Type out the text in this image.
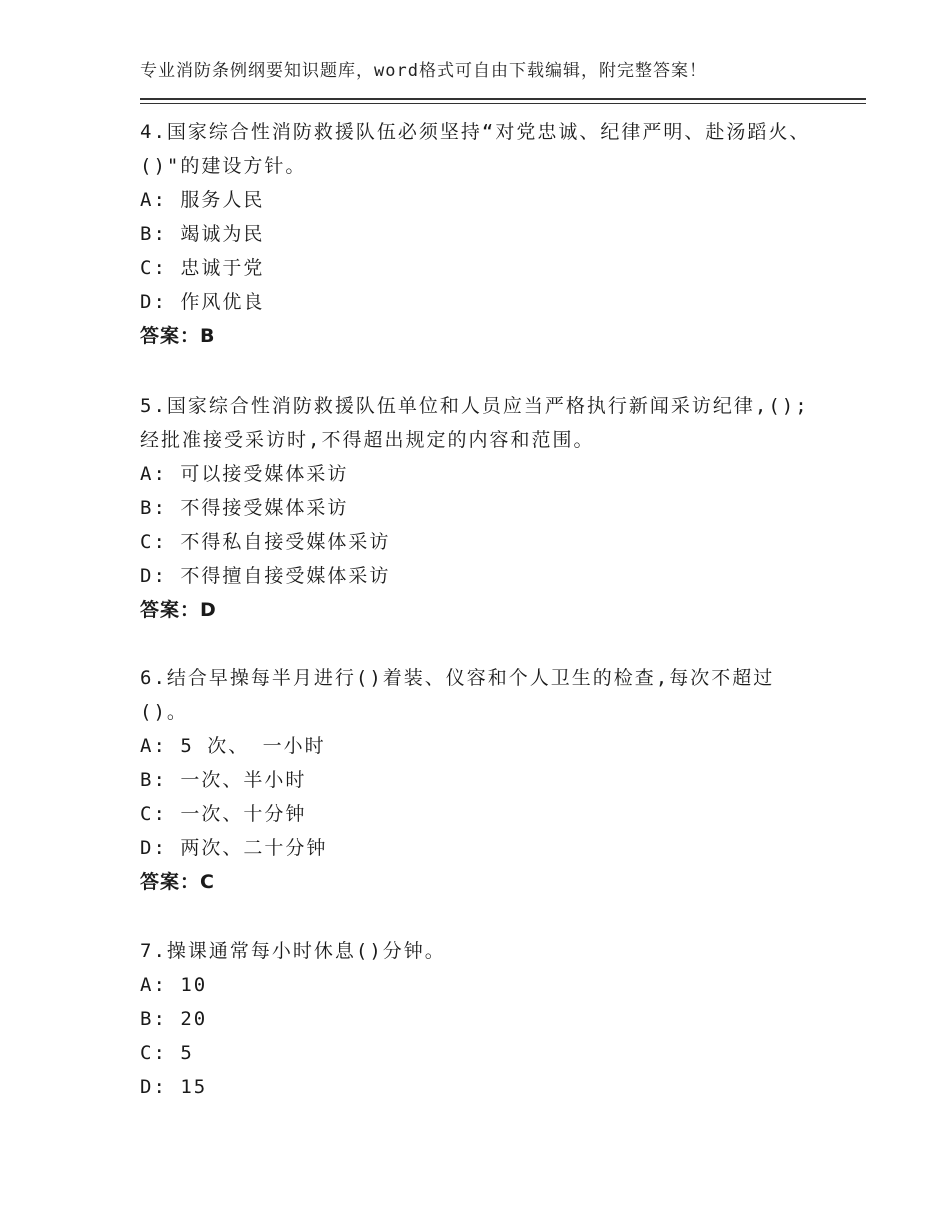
专业消防条例纲要知识题库，word格式可自由下载编辑，附完整答案！

4.国家综合性消防救援队伍必须坚持“对党忠诚、纪律严明、赴汤蹈火、()"的建设方针。

A: 服务人民
B: 竭诚为民
C: 忠诚于党
D: 作风优良
答案：B

5.国家综合性消防救援队伍单位和人员应当严格执行新闻采访纪律,();经批准接受采访时,不得超出规定的内容和范围。

A: 可以接受媒体采访
B: 不得接受媒体采访
C: 不得私自接受媒体采访
D: 不得擅自接受媒体采访
答案：D

6.结合早操每半月进行()着装、仪容和个人卫生的检查,每次不超过()。

A: 5 次、 一小时
B: 一次、半小时
C: 一次、十分钟
D: 两次、二十分钟
答案：C

7.操课通常每小时休息()分钟。

A: 10
B: 20
C: 5
D: 15
